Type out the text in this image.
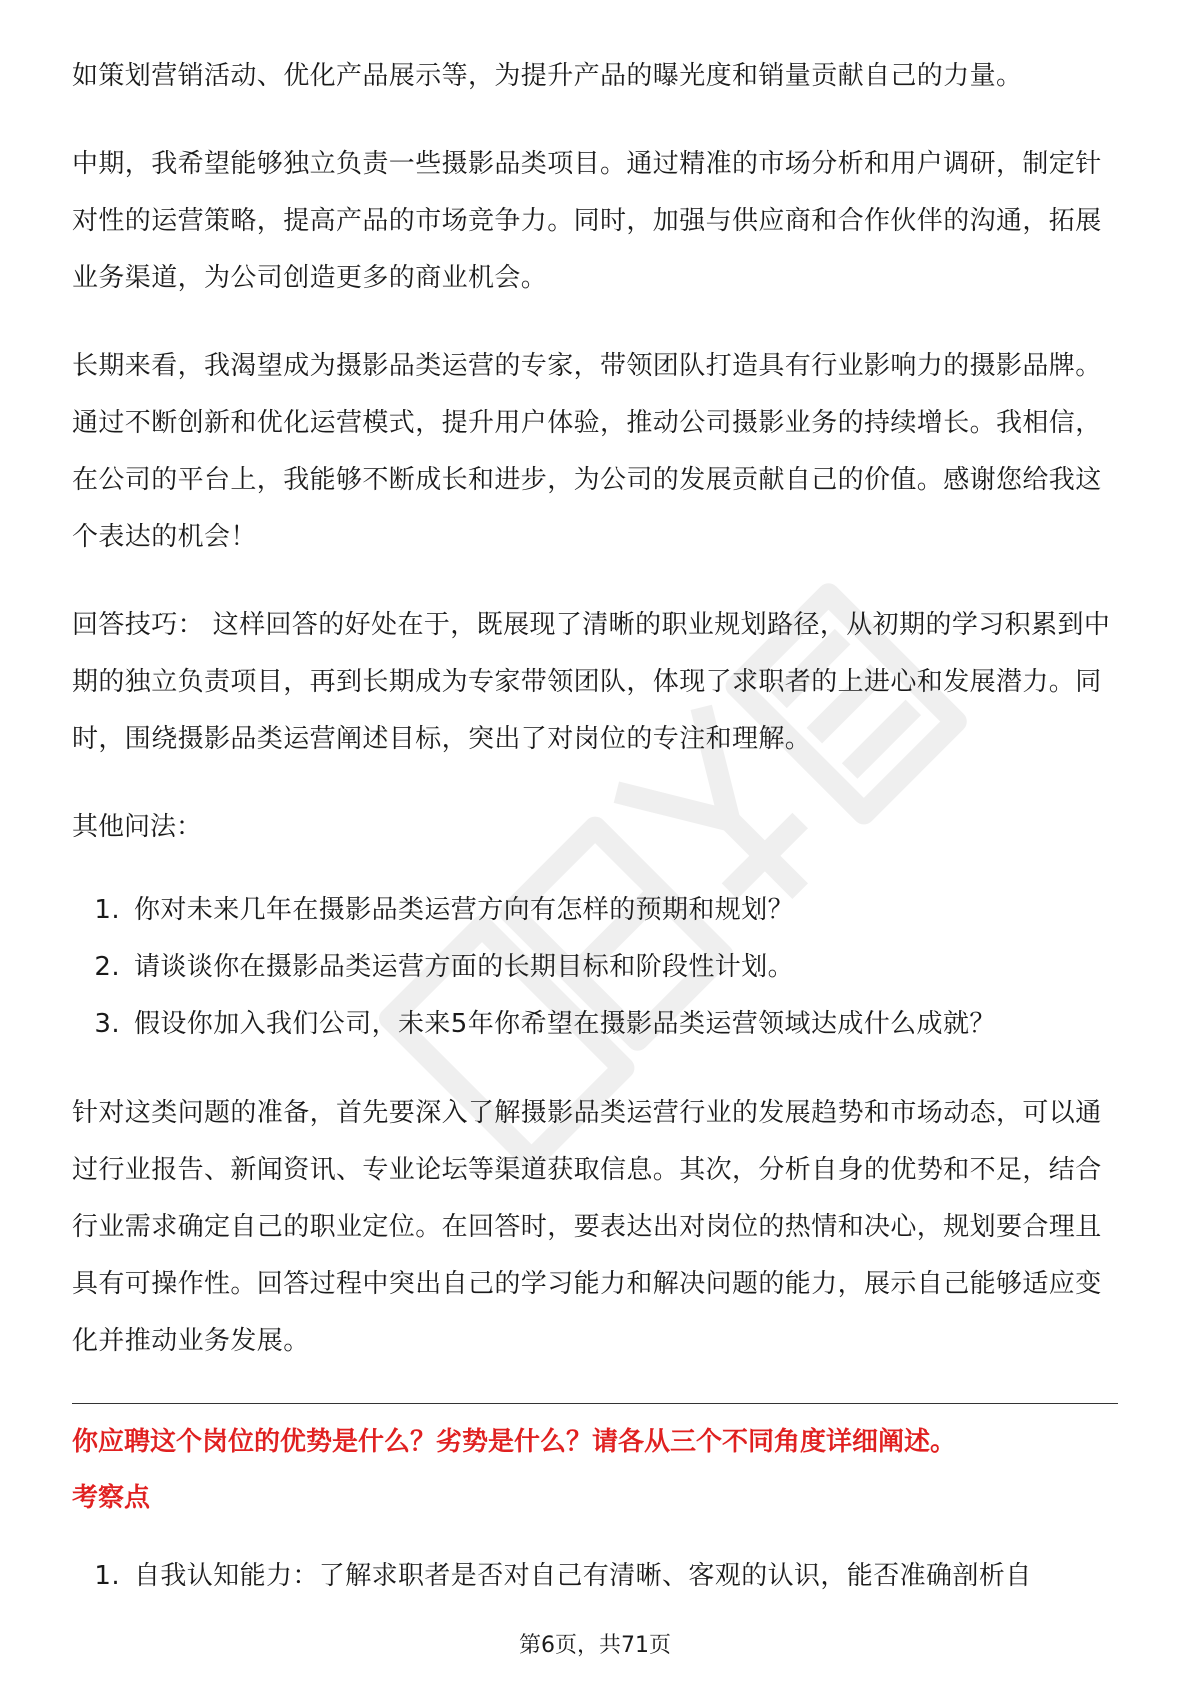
如策划营销活动、优化产品展示等，为提升产品的曝光度和销量贡献自己的力量。

中期，我希望能够独立负责一些摄影品类项目。通过精准的市场分析和用户调研，制定针对性的运营策略，提高产品的市场竞争力。同时，加强与供应商和合作伙伴的沟通，拓展业务渠道，为公司创造更多的商业机会。

长期来看，我渴望成为摄影品类运营的专家，带领团队打造具有行业影响力的摄影品牌。通过不断创新和优化运营模式，提升用户体验，推动公司摄影业务的持续增长。我相信，在公司的平台上，我能够不断成长和进步，为公司的发展贡献自己的价值。感谢您给我这个表达的机会！

回答技巧： 这样回答的好处在于，既展现了清晰的职业规划路径，从初期的学习积累到中期的独立负责项目，再到长期成为专家带领团队，体现了求职者的上进心和发展潜力。同时，围绕摄影品类运营阐述目标，突出了对岗位的专注和理解。

其他问法：

1. 你对未来几年在摄影品类运营方向有怎样的预期和规划？
2. 请谈谈你在摄影品类运营方面的长期目标和阶段性计划。
3. 假设你加入我们公司，未来5年你希望在摄影品类运营领域达成什么成就？

针对这类问题的准备，首先要深入了解摄影品类运营行业的发展趋势和市场动态，可以通过行业报告、新闻资讯、专业论坛等渠道获取信息。其次，分析自身的优势和不足，结合行业需求确定自己的职业定位。在回答时，要表达出对岗位的热情和决心，规划要合理且具有可操作性。回答过程中突出自己的学习能力和解决问题的能力，展示自己能够适应变化并推动业务发展。

你应聘这个岗位的优势是什么？劣势是什么？请各从三个不同角度详细阐述。

考察点

1. 自我认知能力：了解求职者是否对自己有清晰、客观的认识，能否准确剖析自
第6页，共71页
